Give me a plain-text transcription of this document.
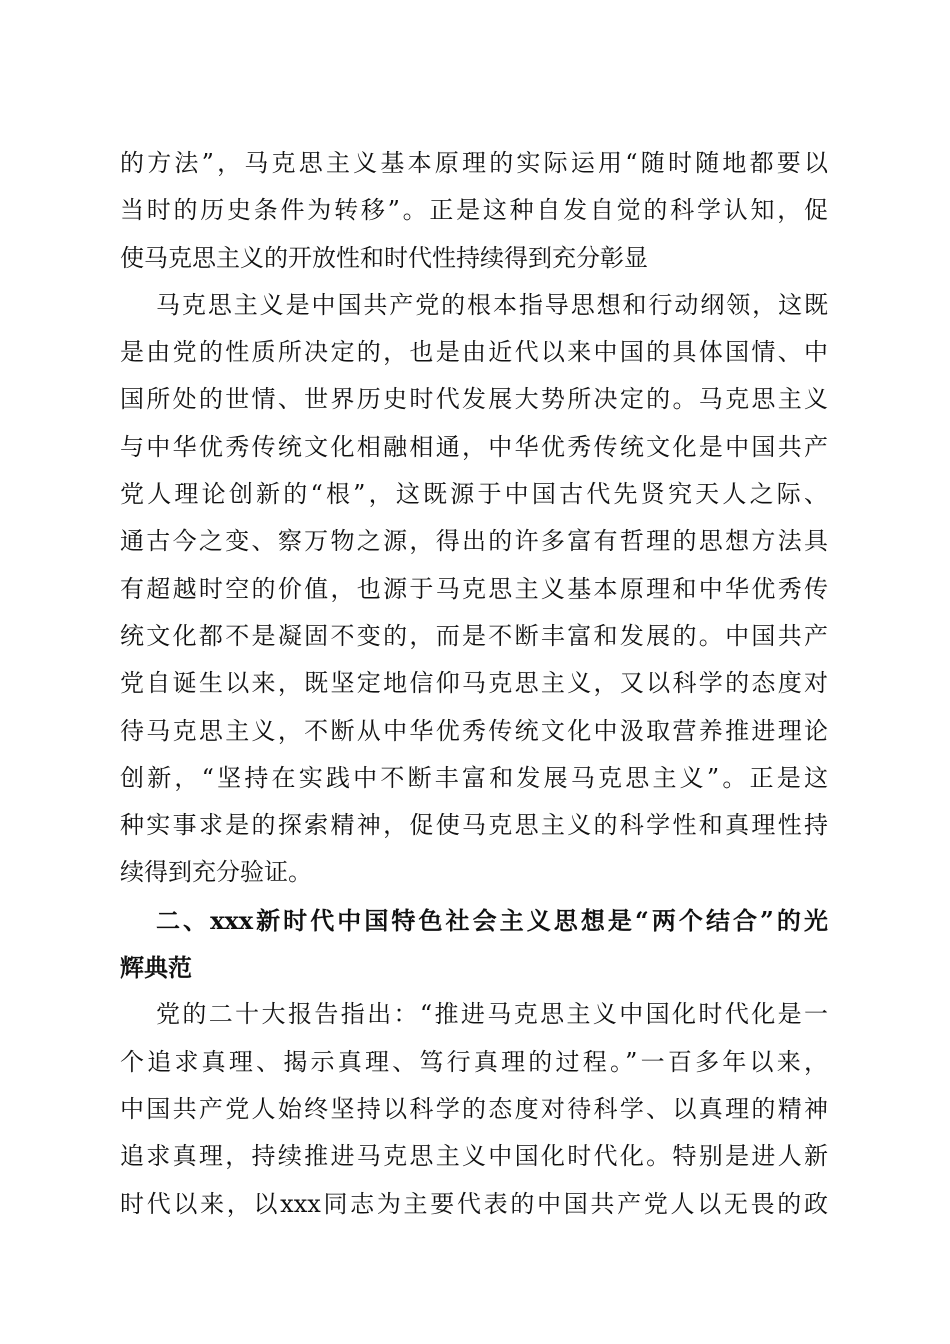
的方法”，马克思主义基本原理的实际运用“随时随地都要以
当时的历史条件为转移”。正是这种自发自觉的科学认知，促
使马克思主义的开放性和时代性持续得到充分彰显
马克思主义是中国共产党的根本指导思想和行动纲领，这既
是由党的性质所决定的，也是由近代以来中国的具体国情、中
国所处的世情、世界历史时代发展大势所决定的。马克思主义
与中华优秀传统文化相融相通，中华优秀传统文化是中国共产
党人理论创新的“根”，这既源于中国古代先贤究天人之际、
通古今之变、察万物之源，得出的许多富有哲理的思想方法具
有超越时空的价值，也源于马克思主义基本原理和中华优秀传
统文化都不是凝固不变的，而是不断丰富和发展的。中国共产
党自诞生以来，既坚定地信仰马克思主义，又以科学的态度对
待马克思主义，不断从中华优秀传统文化中汲取营养推进理论
创新，“坚持在实践中不断丰富和发展马克思主义”。正是这
种实事求是的探索精神，促使马克思主义的科学性和真理性持
续得到充分验证。
二、xxx新时代中国特色社会主义思想是“两个结合”的光
辉典范
党的二十大报告指出：“推进马克思主义中国化时代化是一
个追求真理、揭示真理、笃行真理的过程。”一百多年以来，
中国共产党人始终坚持以科学的态度对待科学、以真理的精神
追求真理，持续推进马克思主义中国化时代化。特别是进人新
时代以来，以xxx同志为主要代表的中国共产党人以无畏的政
